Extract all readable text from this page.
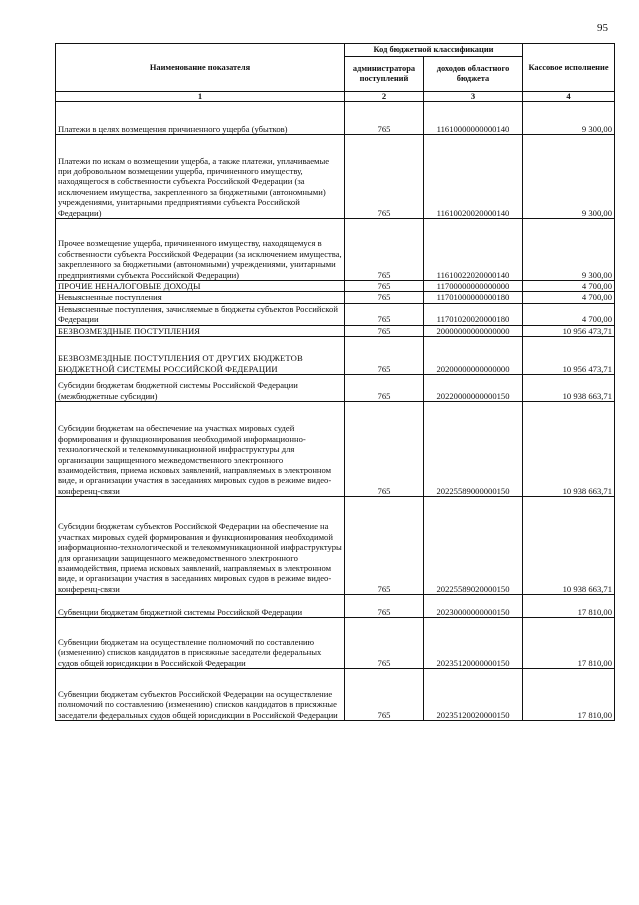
95
Наименование показателя	Код бюджетной классификации		Кассовое исполнение
	администратора поступлений	доходов областного бюджета	
1	2	3	4
Платежи в целях возмещения причиненного ущерба (убытков)	765	11610000000000140	9 300,00
Платежи по искам о возмещении ущерба, а также платежи, уплачиваемые при добровольном возмещении ущерба, причиненного имуществу, находящегося в собственности субъекта Российской Федерации (за исключением имущества, закрепленного за бюджетными (автономными) учреждениями, унитарными предприятиями субъекта Российской Федерации)	765	11610020020000140	9 300,00
Прочее возмещение ущерба, причиненного имуществу, находящемуся в собственности субъекта Российской Федерации (за исключением имущества, закрепленного за бюджетными (автономными) учреждениями, унитарными предприятиями субъекта Российской Федерации)	765	11610022020000140	9 300,00
ПРОЧИЕ НЕНАЛОГОВЫЕ ДОХОДЫ	765	11700000000000000	4 700,00
Невыясненные поступления	765	11701000000000180	4 700,00
Невыясненные поступления, зачисляемые в бюджеты субъектов Российской Федерации	765	11701020020000180	4 700,00
БЕЗВОЗМЕЗДНЫЕ ПОСТУПЛЕНИЯ	765	20000000000000000	10 956 473,71
БЕЗВОЗМЕЗДНЫЕ ПОСТУПЛЕНИЯ ОТ ДРУГИХ БЮДЖЕТОВ БЮДЖЕТНОЙ СИСТЕМЫ РОССИЙСКОЙ ФЕДЕРАЦИИ	765	20200000000000000	10 956 473,71
Субсидии бюджетам бюджетной системы Российской Федерации (межбюджетные субсидии)	765	20220000000000150	10 938 663,71
Субсидии бюджетам на обеспечение на участках мировых судей формирования и функционирования необходимой информационно-технологической и телекоммуникационной инфраструктуры для организации защищенного межведомственного электронного взаимодействия, приема исковых заявлений, направляемых в электронном виде, и организации участия в заседаниях мировых судов в режиме видео-конференц-связи	765	20225589000000150	10 938 663,71
Субсидии бюджетам субъектов Российской Федерации на обеспечение на участках мировых судей формирования и функционирования необходимой информационно-технологической и телекоммуникационной инфраструктуры для организации защищенного межведомственного электронного взаимодействия, приема исковых заявлений, направляемых в электронном виде, и организации участия в заседаниях мировых судов в режиме видео-конференц-связи	765	20225589020000150	10 938 663,71
Субвенции бюджетам бюджетной системы Российской Федерации	765	20230000000000150	17 810,00
Субвенции бюджетам на осуществление полномочий по составлению (изменению) списков кандидатов в присяжные заседатели федеральных судов общей юрисдикции в Российской Федерации	765	20235120000000150	17 810,00
Субвенции бюджетам субъектов Российской Федерации на осуществление полномочий по составлению (изменению) списков кандидатов в присяжные заседатели федеральных судов общей юрисдикции в Российской Федерации	765	20235120020000150	17 810,00
